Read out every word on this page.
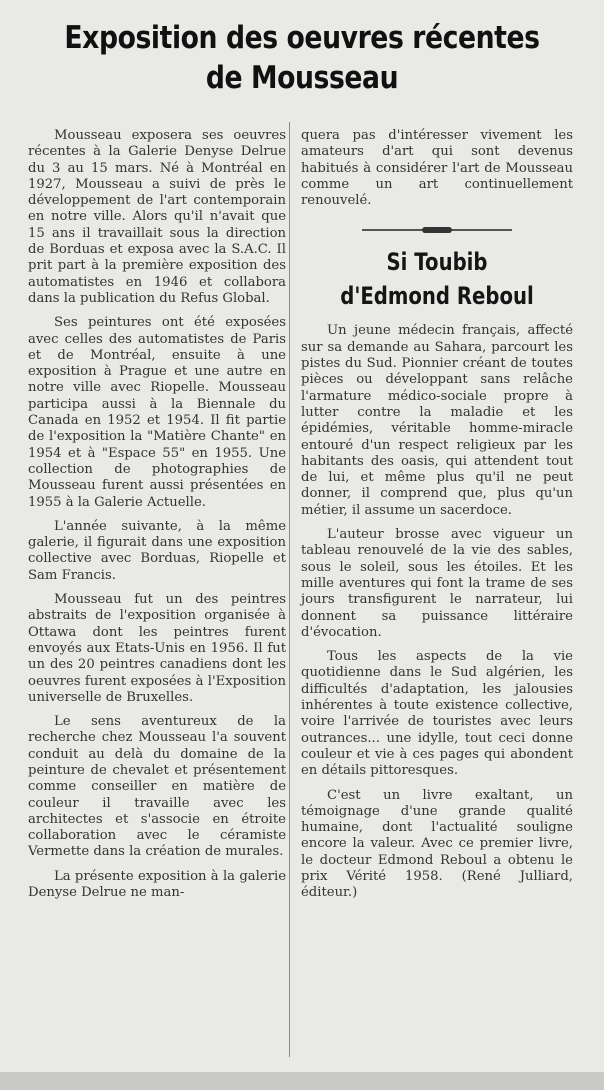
Exposition des oeuvres récentes
de Mousseau

Mousseau exposera ses oeuvres récentes à la Galerie Denyse Delrue du 3 au 15 mars. Né à Montréal en 1927, Mousseau a suivi de près le développement de l'art contemporain en notre ville. Alors qu'il n'avait que 15 ans il travaillait sous la direction de Borduas et exposa avec la S.A.C. Il prit part à la première exposition des automatistes en 1946 et collabora dans la publication du Refus Global.

Ses peintures ont été exposées avec celles des automatistes de Paris et de Montréal, ensuite à une exposition à Prague et une autre en notre ville avec Riopelle. Mousseau participa aussi à la Biennale du Canada en 1952 et 1954. Il fit partie de l'exposition la "Matière Chante" en 1954 et à "Espace 55" en 1955. Une collection de photographies de Mousseau furent aussi présentées en 1955 à la Galerie Actuelle.

L'année suivante, à la même galerie, il figurait dans une exposition collective avec Borduas, Riopelle et Sam Francis.

Mousseau fut un des peintres abstraits de l'exposition organisée à Ottawa dont les peintres furent envoyés aux Etats-Unis en 1956. Il fut un des 20 peintres canadiens dont les oeuvres furent exposées à l'Exposition universelle de Bruxelles.

Le sens aventureux de la recherche chez Mousseau l'a souvent conduit au delà du domaine de la peinture de chevalet et présentement comme conseiller en matière de couleur il travaille avec les architectes et s'associe en étroite collaboration avec le céramiste Vermette dans la création de murales.

La présente exposition à la galerie Denyse Delrue ne man-

quera pas d'intéresser vivement les amateurs d'art qui sont devenus habitués à considérer l'art de Mousseau comme un art continuellement renouvelé.

Si Toubib
d'Edmond Reboul

Un jeune médecin français, affecté sur sa demande au Sahara, parcourt les pistes du Sud. Pionnier créant de toutes pièces ou développant sans relâche l'armature médico-sociale propre à lutter contre la maladie et les épidémies, véritable homme-miracle entouré d'un respect religieux par les habitants des oasis, qui attendent tout de lui, et même plus qu'il ne peut donner, il comprend que, plus qu'un métier, il assume un sacerdoce.

L'auteur brosse avec vigueur un tableau renouvelé de la vie des sables, sous le soleil, sous les étoiles. Et les mille aventures qui font la trame de ses jours transfigurent le narrateur, lui donnent sa puissance littéraire d'évocation.

Tous les aspects de la vie quotidienne dans le Sud algérien, les difficultés d'adaptation, les jalousies inhérentes à toute existence collective, voire l'arrivée de touristes avec leurs outrances... une idylle, tout ceci donne couleur et vie à ces pages qui abondent en détails pittoresques.

C'est un livre exaltant, un témoignage d'une grande qualité humaine, dont l'actualité souligne encore la valeur. Avec ce premier livre, le docteur Edmond Reboul a obtenu le prix Vérité 1958. (René Julliard, éditeur.)
